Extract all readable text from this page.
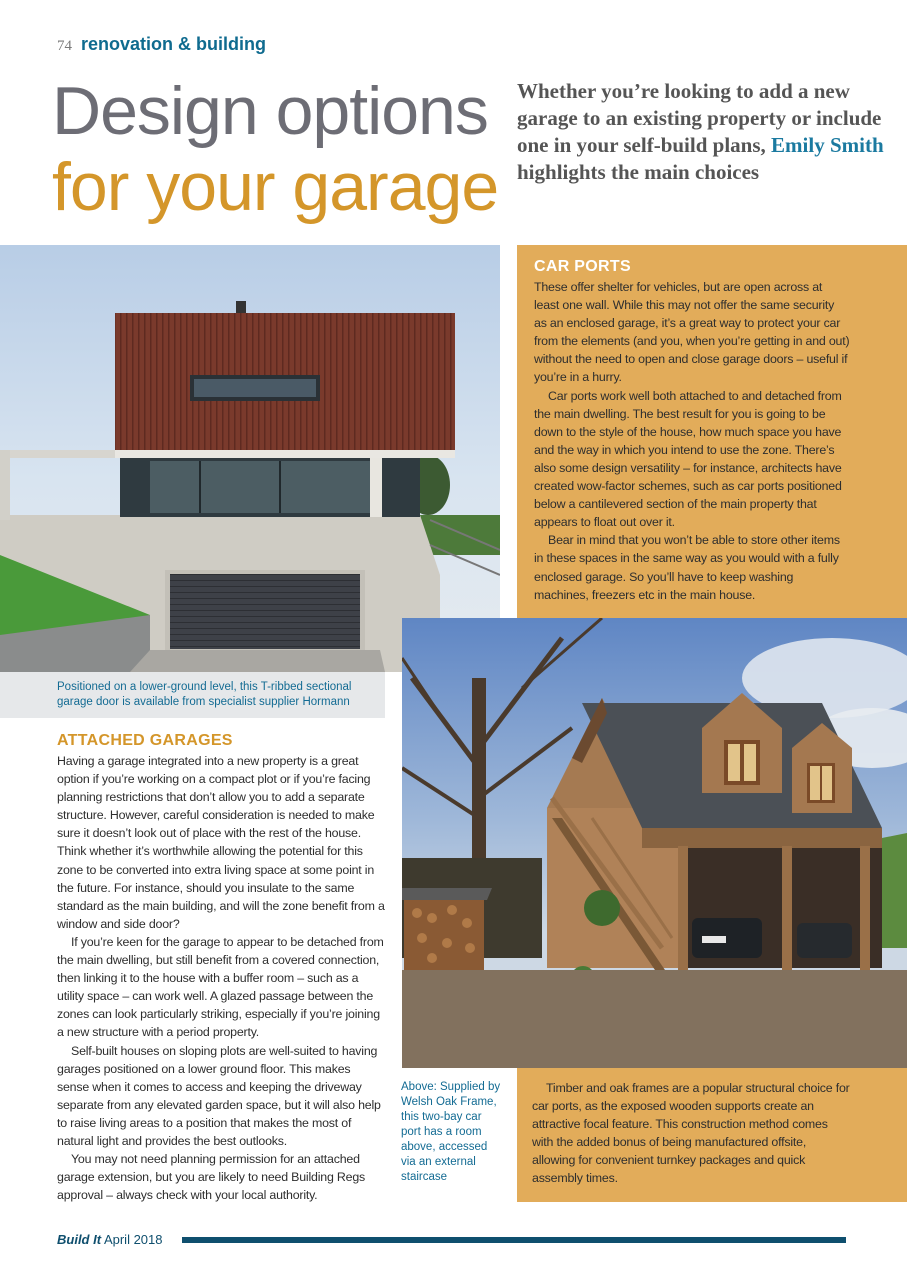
74 renovation & building
Design options
for your garage
Whether you’re looking to add a new garage to an existing property or include one in your self-build plans, Emily Smith highlights the main choices
Positioned on a lower-ground level, this T-ribbed sectional garage door is available from specialist supplier Hormann
CAR PORTS

These offer shelter for vehicles, but are open across at least one wall. While this may not offer the same security as an enclosed garage, it’s a great way to protect your car from the elements (and you, when you’re getting in and out) without the need to open and close garage doors – useful if you’re in a hurry.

Car ports work well both attached to and detached from the main dwelling. The best result for you is going to be down to the style of the house, how much space you have and the way in which you intend to use the zone. There’s also some design versatility – for instance, architects have created wow-factor schemes, such as car ports positioned below a cantilevered section of the main property that appears to float out over it.

Bear in mind that you won’t be able to store other items in these spaces in the same way as you would with a fully enclosed garage. So you’ll have to keep washing machines, freezers etc in the main house.

Above: Supplied by Welsh Oak Frame, this two-bay car port has a room above, accessed via an external staircase
Timber and oak frames are a popular structural choice for car ports, as the exposed wooden supports create an attractive focal feature. This construction method comes with the added bonus of being manufactured offsite, allowing for convenient turnkey packages and quick assembly times.
ATTACHED GARAGES

Having a garage integrated into a new property is a great option if you’re working on a compact plot or if you’re facing planning restrictions that don’t allow you to add a separate structure. However, careful consideration is needed to make sure it doesn’t look out of place with the rest of the house. Think whether it’s worthwhile allowing the potential for this zone to be converted into extra living space at some point in the future. For instance, should you insulate to the same standard as the main building, and will the zone benefit from a window and side door?

If you’re keen for the garage to appear to be detached from the main dwelling, but still benefit from a covered connection, then linking it to the house with a buffer room – such as a utility space – can work well. A glazed passage between the zones can look particularly striking, especially if you’re joining a new structure with a period property.

Self-built houses on sloping plots are well-suited to having garages positioned on a lower ground floor. This makes sense when it comes to access and keeping the driveway separate from any elevated garden space, but it will also help to raise living areas to a position that makes the most of natural light and provides the best outlooks.

You may not need planning permission for an attached garage extension, but you are likely to need Building Regs approval – always check with your local authority.

Build It April 2018
